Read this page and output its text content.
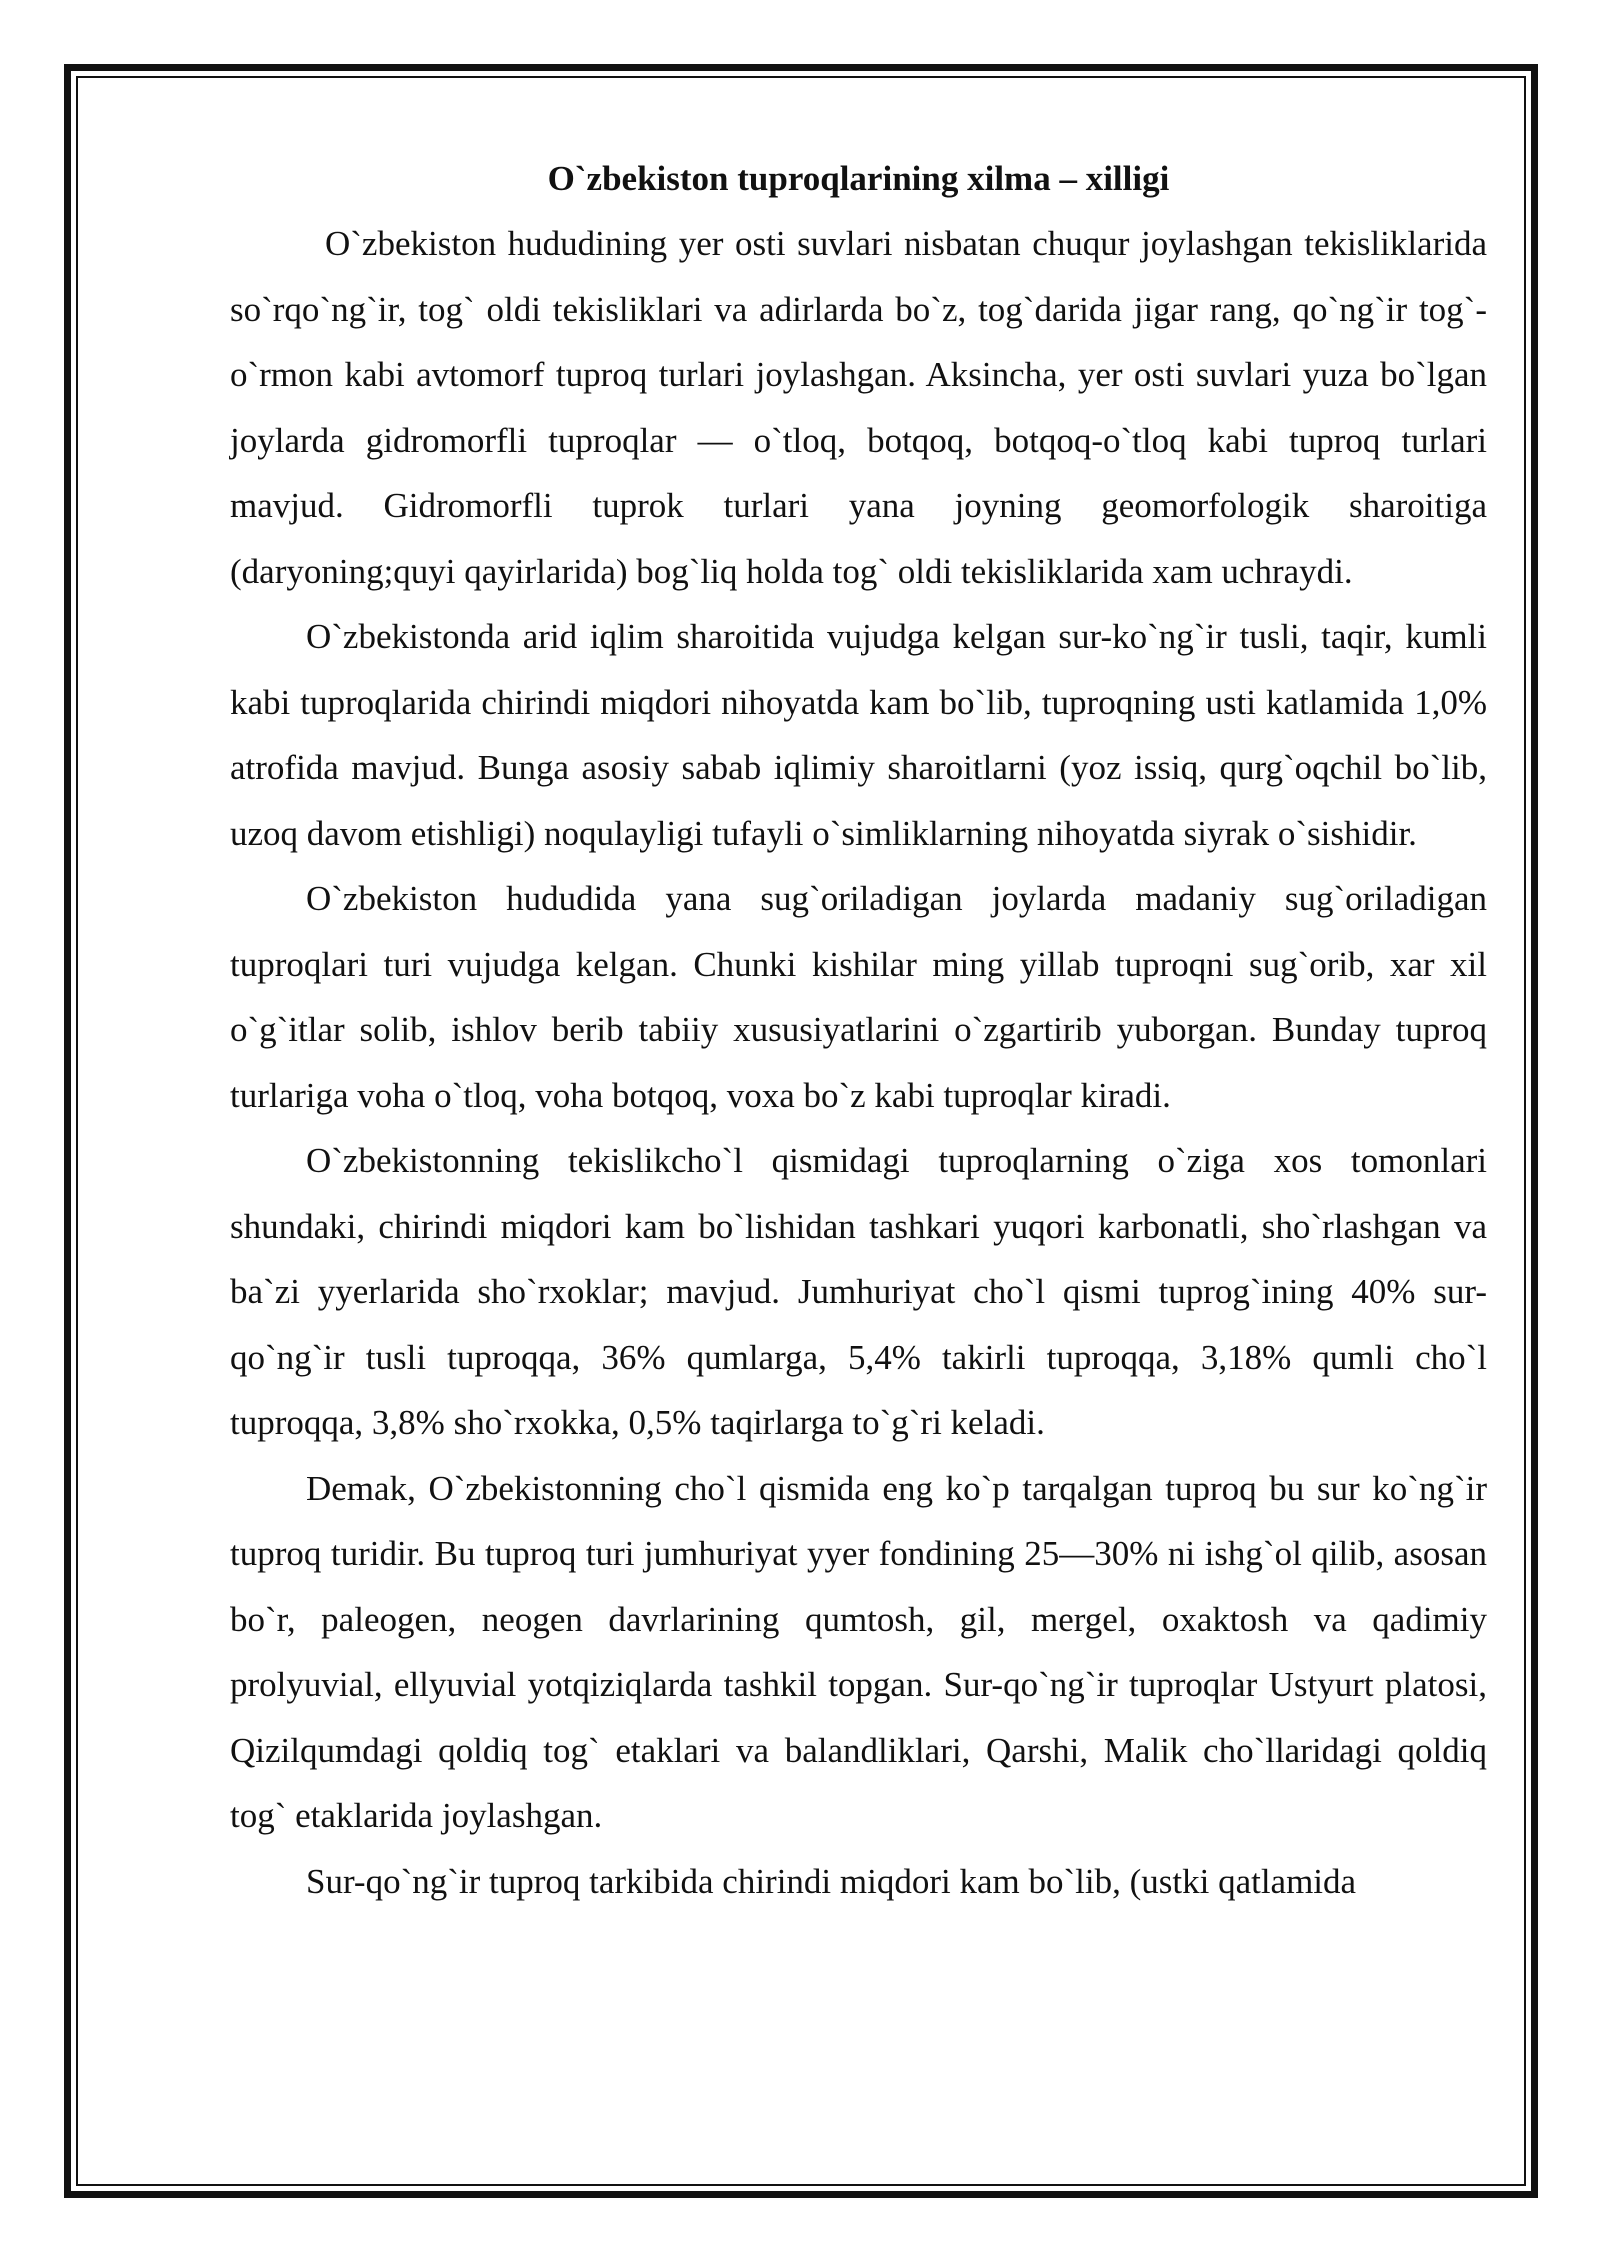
O`zbekiston tuproqlarining xilma – xilligi

O`zbekiston hududining yer osti suvlari nisbatan chuqur joylashgan tekisliklarida so`rqo`ng`ir, tog` oldi tekisliklari va adirlarda bo`z, tog`darida jigar rang, qo`ng`ir tog`-o`rmon kabi avtomorf tuproq turlari joylashgan. Aksincha, yer osti suvlari yuza bo`lgan joylarda gidromorfli tuproqlar — o`tloq, botqoq, botqoq-o`tloq kabi tuproq turlari mavjud. Gidromorfli tuprok turlari yana joyning geomorfologik sharoitiga (daryoning;quyi qayirlarida) bog`liq holda tog` oldi tekisliklarida xam uchraydi.

O`zbekistonda arid iqlim sharoitida vujudga kelgan sur-ko`ng`ir tusli, taqir, kumli kabi tuproqlarida chirindi miqdori nihoyatda kam bo`lib, tuproqning usti katlamida 1,0% atrofida mavjud. Bunga asosiy sabab iqlimiy sharoitlarni (yoz issiq, qurg`oqchil bo`lib, uzoq davom etishligi) noqulayligi tufayli o`simliklarning nihoyatda siyrak o`sishidir.

O`zbekiston hududida yana sug`oriladigan joylarda madaniy sug`oriladigan tuproqlari turi vujudga kelgan. Chunki kishilar ming yillab tuproqni sug`orib, xar xil o`g`itlar solib, ishlov berib tabiiy xususiyatlarini o`zgartirib yuborgan. Bunday tuproq turlariga voha o`tloq, voha botqoq, voxa bo`z kabi tuproqlar kiradi.

O`zbekistonning tekislikcho`l qismidagi tuproqlarning o`ziga xos tomonlari shundaki, chirindi miqdori kam bo`lishidan tashkari yuqori karbonatli, sho`rlashgan va ba`zi yyerlarida sho`rxoklar; mavjud. Jumhuriyat cho`l qismi tuprog`ining 40% sur-qo`ng`ir tusli tuproqqa, 36% qumlarga, 5,4% takirli tuproqqa, 3,18% qumli cho`l tuproqqa, 3,8% sho`rxokka, 0,5% taqirlarga to`g`ri keladi.

Demak, O`zbekistonning cho`l qismida eng ko`p tarqalgan tuproq bu sur ko`ng`ir tuproq turidir. Bu tuproq turi jumhuriyat yyer fondining 25—30% ni ishg`ol qilib, asosan bo`r, paleogen, neogen davrlarining qumtosh, gil, mergel, oxaktosh va qadimiy prolyuvial, ellyuvial yotqiziqlarda tashkil topgan. Sur-qo`ng`ir tuproqlar Ustyurt platosi, Qizilqumdagi qoldiq tog` etaklari va balandliklari, Qarshi, Malik cho`llaridagi qoldiq tog` etaklarida joylashgan.

Sur-qo`ng`ir tuproq tarkibida chirindi miqdori kam bo`lib, (ustki qatlamida
